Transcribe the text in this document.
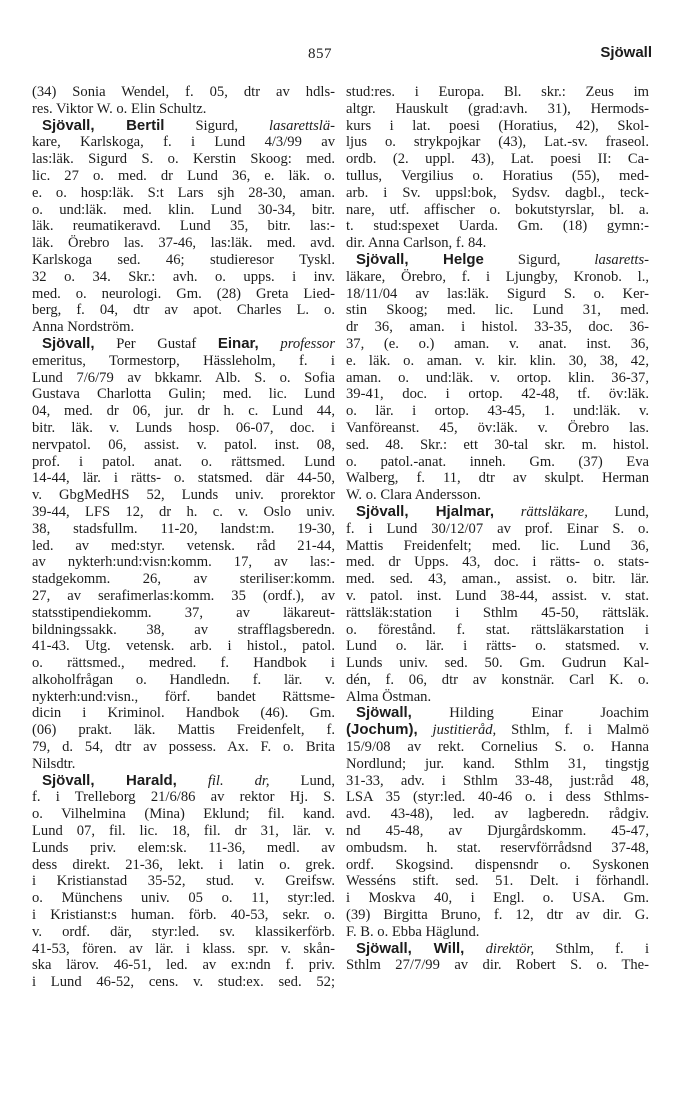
857	Sjöwall

(34) Sonia Wendel, f. 05, dtr av hdls-

res. Viktor W. o. Elin Schultz.

Sjövall, Bertil Sigurd, lasarettslä-

kare, Karlskoga, f. i Lund 4/3/99 av

las:läk. Sigurd S. o. Kerstin Skoog: med.

lic. 27 o. med. dr Lund 36, e. läk. o.

e. o. hosp:läk. S:t Lars sjh 28-30, aman.

o. und:läk. med. klin. Lund 30-34, bitr.

läk. reumatikeravd. Lund 35, bitr. las:-

läk. Örebro las. 37-46, las:läk. med. avd.

Karlskoga sed. 46; studieresor Tyskl.

32 o. 34. Skr.: avh. o. upps. i inv.

med. o. neurologi. Gm. (28) Greta Lied-

berg, f. 04, dtr av apot. Charles L. o.

Anna Nordström.

Sjövall, Per Gustaf Einar, professor

emeritus, Tormestorp, Hässleholm, f. i

Lund 7/6/79 av bkkamr. Alb. S. o. Sofia

Gustava Charlotta Gulin; med. lic. Lund

04, med. dr 06, jur. dr h. c. Lund 44,

bitr. läk. v. Lunds hosp. 06-07, doc. i

nervpatol. 06, assist. v. patol. inst. 08,

prof. i patol. anat. o. rättsmed. Lund

14-44, lär. i rätts- o. statsmed. där 44-50,

v. GbgMedHS 52, Lunds univ. prorektor

39-44, LFS 12, dr h. c. v. Oslo univ.

38, stadsfullm. 11-20, landst:m. 19-30,

led. av med:styr. vetensk. råd 21-44,

av nykterh:und:visn:komm. 17, av las:-

stadgekomm. 26, av steriliser:komm.

27, av serafimerlas:komm. 35 (ordf.), av

statsstipendiekomm. 37, av läkareut-

bildningssakk. 38, av strafflagsberedn.

41-43. Utg. vetensk. arb. i histol., patol.

o. rättsmed., medred. f. Handbok i

alkoholfrågan o. Handledn. f. lär. v.

nykterh:und:visn., förf. bandet Rättsme-

dicin i Kriminol. Handbok (46). Gm.

(06) prakt. läk. Mattis Freidenfelt, f.

79, d. 54, dtr av possess. Ax. F. o. Brita

Nilsdtr.

Sjövall, Harald, fil. dr, Lund,

f. i Trelleborg 21/6/86 av rektor Hj. S.

o. Vilhelmina (Mina) Eklund; fil. kand.

Lund 07, fil. lic. 18, fil. dr 31, lär. v.

Lunds priv. elem:sk. 11-36, medl. av

dess direkt. 21-36, lekt. i latin o. grek.

i Kristianstad 35-52, stud. v. Greifsw.

o. Münchens univ. 05 o. 11, styr:led.

i Kristianst:s human. förb. 40-53, sekr. o.

v. ordf. där, styr:led. sv. klassikerförb.

41-53, fören. av lär. i klass. spr. v. skån-

ska lärov. 46-51, led. av ex:ndn f. priv.

i Lund 46-52, cens. v. stud:ex. sed. 52;

stud:res. i Europa. Bl. skr.: Zeus im

altgr. Hauskult (grad:avh. 31), Hermods-

kurs i lat. poesi (Horatius, 42), Skol-

ljus o. strykpojkar (43), Lat.-sv. fraseol.

ordb. (2. uppl. 43), Lat. poesi II: Ca-

tullus, Vergilius o. Horatius (55), med-

arb. i Sv. uppsl:bok, Sydsv. dagbl., teck-

nare, utf. affischer o. bokutstyrslar, bl. a.

t. stud:spexet Uarda. Gm. (18) gymn:-

dir. Anna Carlson, f. 84.

Sjövall, Helge Sigurd, lasaretts-

läkare, Örebro, f. i Ljungby, Kronob. l.,

18/11/04 av las:läk. Sigurd S. o. Ker-

stin Skoog; med. lic. Lund 31, med.

dr 36, aman. i histol. 33-35, doc. 36-

37, (e. o.) aman. v. anat. inst. 36,

e. läk. o. aman. v. kir. klin. 30, 38, 42,

aman. o. und:läk. v. ortop. klin. 36-37,

39-41, doc. i ortop. 42-48, tf. öv:läk.

o. lär. i ortop. 43-45, 1. und:läk. v.

Vanföreanst. 45, öv:läk. v. Örebro las.

sed. 48. Skr.: ett 30-tal skr. m. histol.

o. patol.-anat. inneh. Gm. (37) Eva

Walberg, f. 11, dtr av skulpt. Herman

W. o. Clara Andersson.

Sjövall, Hjalmar, rättsläkare, Lund,

f. i Lund 30/12/07 av prof. Einar S. o.

Mattis Freidenfelt; med. lic. Lund 36,

med. dr Upps. 43, doc. i rätts- o. stats-

med. sed. 43, aman., assist. o. bitr. lär.

v. patol. inst. Lund 38-44, assist. v. stat.

rättsläk:station i Sthlm 45-50, rättsläk.

o. förestånd. f. stat. rättsläkarstation i

Lund o. lär. i rätts- o. statsmed. v.

Lunds univ. sed. 50. Gm. Gudrun Kal-

dén, f. 06, dtr av konstnär. Carl K. o.

Alma Östman.

Sjöwall, Hilding Einar Joachim

(Jochum), justitieråd, Sthlm, f. i Malmö

15/9/08 av rekt. Cornelius S. o. Hanna

Nordlund; jur. kand. Sthlm 31, tingstjg

31-33, adv. i Sthlm 33-48, just:råd 48,

LSA 35 (styr:led. 40-46 o. i dess Sthlms-

avd. 43-48), led. av lagberedn. rådgiv.

nd 45-48, av Djurgårdskomm. 45-47,

ombudsm. h. stat. reservförrådsnd 37-48,

ordf. Skogsind. dispensndr o. Syskonen

Wesséns stift. sed. 51. Delt. i förhandl.

i Moskva 40, i Engl. o. USA. Gm.

(39) Birgitta Bruno, f. 12, dtr av dir. G.

F. B. o. Ebba Häglund.

Sjöwall, Will, direktör, Sthlm, f. i

Sthlm 27/7/99 av dir. Robert S. o. The-
